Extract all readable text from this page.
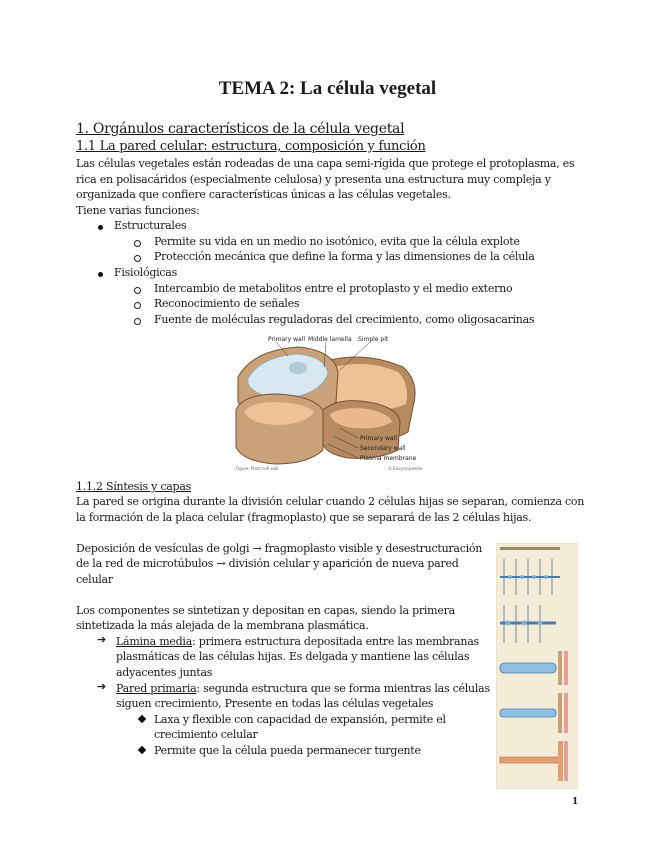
TEMA 2: La célula vegetal
1. Orgánulos característicos de la célula vegetal
1.1 La pared celular: estructura, composición y función
Las células vegetales están rodeadas de una capa semi-rígida que protege el protoplasma, es
rica en polisacáridos (especialmente celulosa) y presenta una estructura muy compleja y
organizada que confiere características únicas a las células vegetales.
Tiene varias funciones:
Estructurales
Permite su vida en un medio no isotónico, evita que la célula explote
Protección mecánica que define la forma y las dimensiones de la célula
Fisiológicas
Intercambio de metabolitos entre el protoplasto y el medio externo
Reconocimiento de señales
Fuente de moléculas reguladoras del crecimiento, como oligosacarinas
Primary wall Middle lamella Simple pit
Primary wall
Secondary wall
Plasma membrane
Figure: Plant cell wall	© Encyclopaedia
1.1.2 Síntesis y capas
La pared se origina durante la división celular cuando 2 células hijas se separan, comienza con
la formación de la placa celular (fragmoplasto) que se separará de las 2 células hijas.
Deposición de vesículas de golgi → fragmoplasto visible y desestructuración
de la red de microtúbulos → división celular y aparición de nueva pared
celular
Los componentes se sintetizan y depositan en capas, siendo la primera
sintetizada la más alejada de la membrana plasmática.
➔ Lámina media: primera estructura depositada entre las membranas
plasmáticas de las células hijas. Es delgada y mantiene las células
adyacentes juntas
➔ Pared primaria: segunda estructura que se forma mientras las células
siguen crecimiento, Presente en todas las células vegetales
Laxa y flexible con capacidad de expansión, permite el
crecimiento celular
Permite que la célula pueda permanecer turgente
1
